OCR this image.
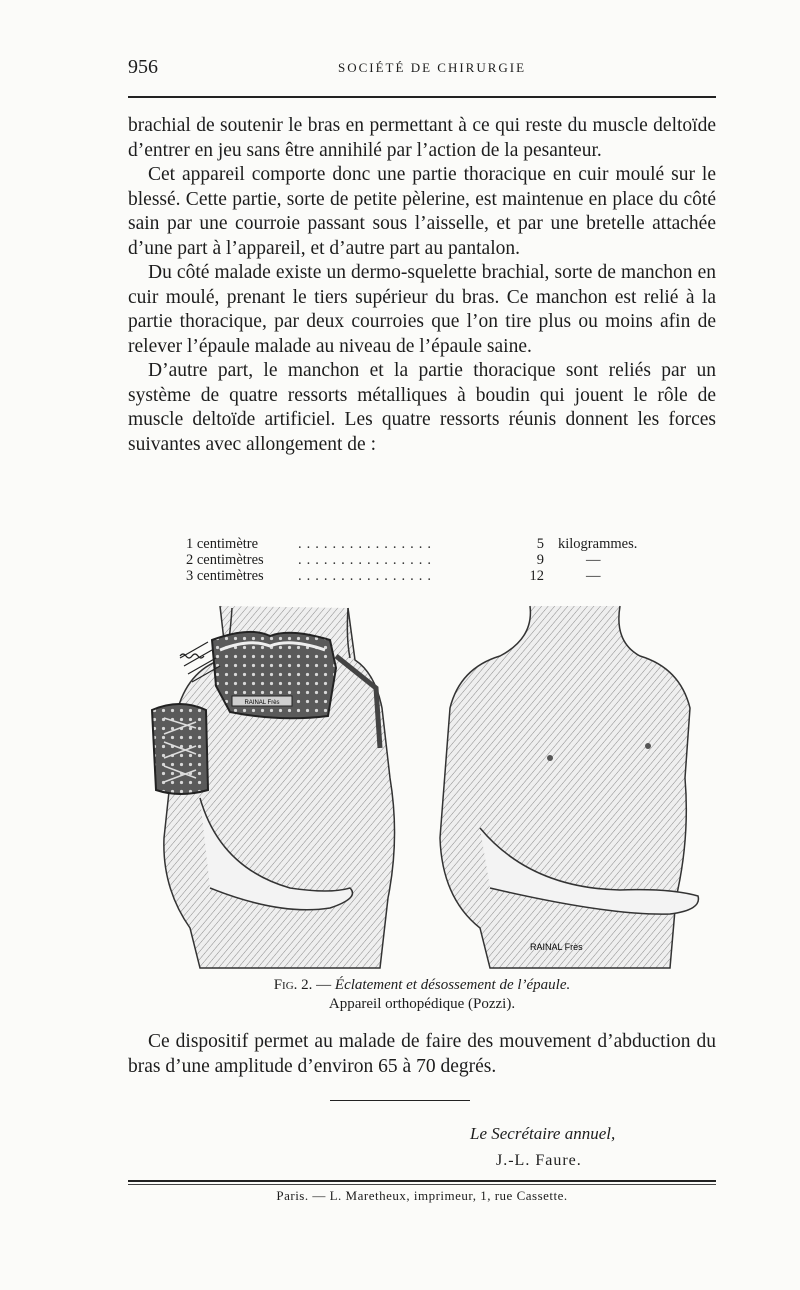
956	SOCIÉTÉ DE CHIRURGIE

brachial de soutenir le bras en permettant à ce qui reste du muscle deltoïde d’entrer en jeu sans être annihilé par l’action de la pesanteur.

Cet appareil comporte donc une partie thoracique en cuir moulé sur le blessé. Cette partie, sorte de petite pèlerine, est maintenue en place du côté sain par une courroie passant sous l’aisselle, et par une bretelle attachée d’une part à l’appareil, et d’autre part au pantalon.

Du côté malade existe un dermo-squelette brachial, sorte de manchon en cuir moulé, prenant le tiers supérieur du bras. Ce manchon est relié à la partie thoracique, par deux courroies que l’on tire plus ou moins afin de relever l’épaule malade au niveau de l’épaule saine.

D’autre part, le manchon et la partie thoracique sont reliés par un système de quatre ressorts métalliques à boudin qui jouent le rôle de muscle deltoïde artificiel. Les quatre ressorts réunis donnent les forces suivantes avec allongement de :

1 centimètre	................	5 kilogrammes.
2 centimètres ................	9	—
3 centimètres ................	12	—
RAINAL Frès
RAINAL Frès
Fig. 2. — Éclatement et désossement de l’épaule.
Appareil orthopédique (Pozzi).

Ce dispositif permet au malade de faire des mouvement d’abduction du bras d’une amplitude d’environ 65 à 70 degrés.

Le Secrétaire annuel,
J.-L. Faure.
Paris. — L. Maretheux, imprimeur, 1, rue Cassette.
